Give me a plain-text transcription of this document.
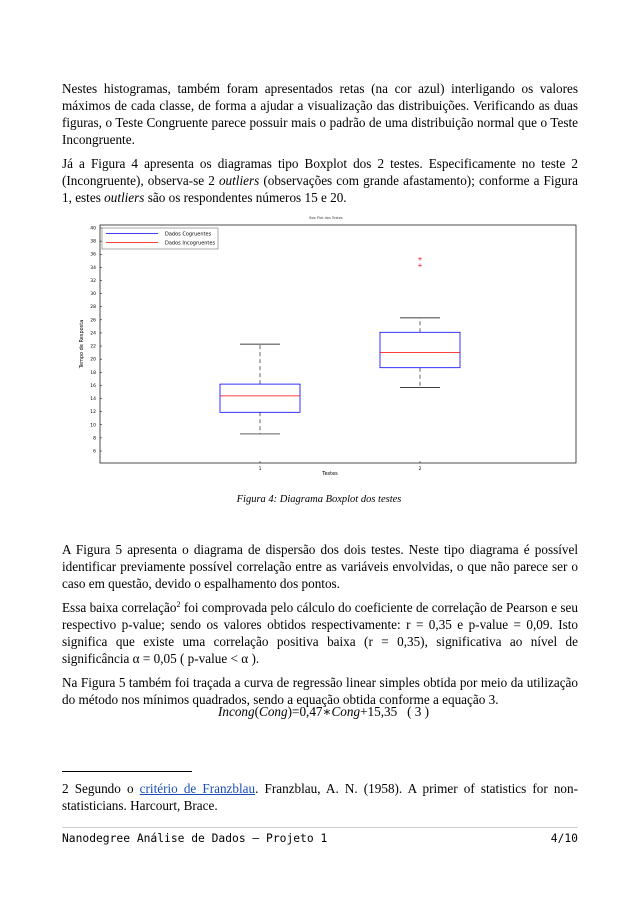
Nestes histogramas, também foram apresentados retas (na cor azul) interligando os valores máximos de cada classe, de forma a ajudar a visualização das distribuições. Verificando as duas figuras, o Teste Congruente parece possuir mais o padrão de uma distribuição normal que o Teste Incongruente.

Já a Figura 4 apresenta os diagramas tipo Boxplot dos 2 testes. Especificamente no teste 2 (Incongruente), observa-se 2 outliers (observações com grande afastamento); conforme a Figura 1, estes outliers são os respondentes números 15 e 20.

Box Plot dos Testes
6
8
10
12
14
16
18
20
22
24
26
28
30
32
34
36
38
40
1	2
Testes
Tempo de Resposta
Dados Cogruentes
Dados Incogruentes
Figura 4: Diagrama Boxplot dos testes

A Figura 5 apresenta o diagrama de dispersão dos dois testes. Neste tipo diagrama é possível identificar previamente possível correlação entre as variáveis envolvidas, o que não parece ser o caso em questão, devido o espalhamento dos pontos.

Essa baixa correlação$^2$ foi comprovada pelo cálculo do coeficiente de correlação de Pearson e seu respectivo p-value; sendo os valores obtidos respectivamente: r = 0,35 e p-value = 0,09. Isto significa que existe uma correlação positiva baixa (r = 0,35), significativa ao nível de significância α = 0,05 ( p-value < α ).

Na Figura 5 também foi traçada a curva de regressão linear simples obtida por meio da utilização do método nos mínimos quadrados, sendo a equação obtida conforme a equação 3.

Incong(Cong)=0,47∗Cong+15,35 ( 3 )

2 Segundo o critério de Franzblau. Franzblau, A. N. (1958). A primer of statistics for non-statisticians. Harcourt, Brace.

Nanodegree Análise de Dados – Projeto 1	4/10
